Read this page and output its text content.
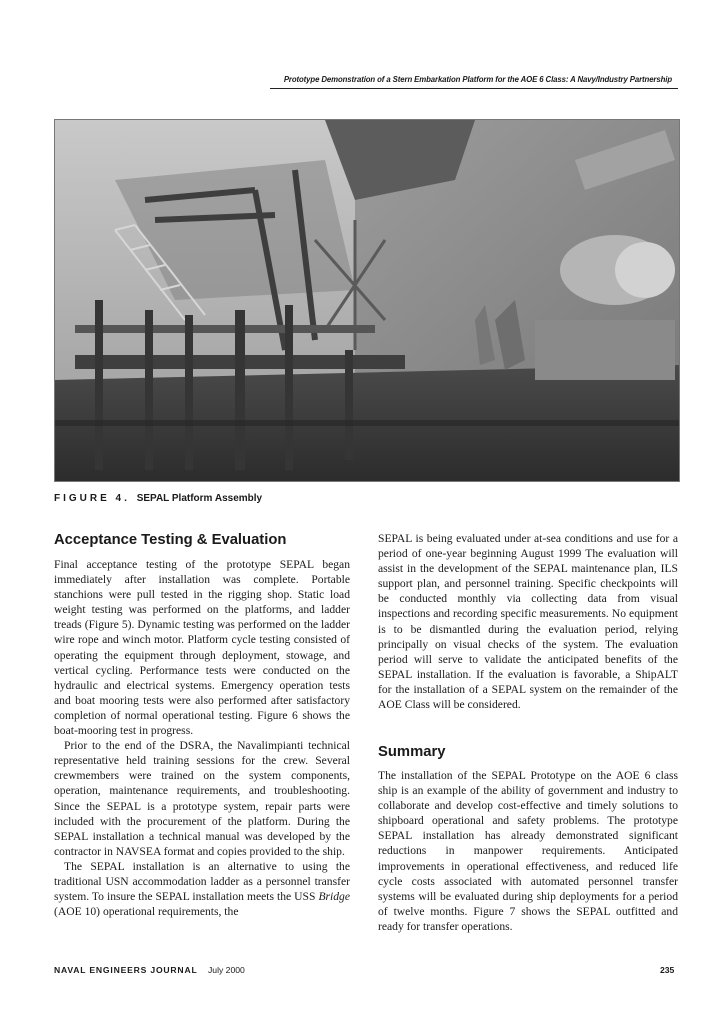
Prototype Demonstration of a Stern Embarkation Platform for the AOE 6 Class: A Navy/Industry Partnership
FIGURE 4. SEPAL Platform Assembly
Acceptance Testing & Evaluation

Final acceptance testing of the prototype SEPAL began immediately after installation was complete. Portable stanchions were pull tested in the rigging shop. Static load weight testing was performed on the platforms, and ladder treads (Figure 5). Dynamic testing was performed on the ladder wire rope and winch motor. Platform cycle testing consisted of operating the equipment through deployment, stowage, and vertical cycling. Performance tests were conducted on the hydraulic and electrical systems. Emergency operation tests and boat mooring tests were also performed after satisfactory completion of normal operational testing. Figure 6 shows the boat-mooring test in progress.

Prior to the end of the DSRA, the Navalimpianti technical representative held training sessions for the crew. Several crewmembers were trained on the system components, operation, maintenance requirements, and troubleshooting. Since the SEPAL is a prototype system, repair parts were included with the procurement of the platform. During the SEPAL installation a technical manual was developed by the contractor in NAVSEA format and copies provided to the ship.

The SEPAL installation is an alternative to using the traditional USN accommodation ladder as a personnel transfer system. To insure the SEPAL installation meets the USS Bridge (AOE 10) operational requirements, the

SEPAL is being evaluated under at-sea conditions and use for a period of one-year beginning August 1999 The evaluation will assist in the development of the SEPAL maintenance plan, ILS support plan, and personnel training. Specific checkpoints will be conducted monthly via collecting data from visual inspections and recording specific measurements. No equipment is to be dismantled during the evaluation period, relying principally on visual checks of the system. The evaluation period will serve to validate the anticipated benefits of the SEPAL installation. If the evaluation is favorable, a ShipALT for the installation of a SEPAL system on the remainder of the AOE Class will be considered.

Summary

The installation of the SEPAL Prototype on the AOE 6 class ship is an example of the ability of government and industry to collaborate and develop cost-effective and timely solutions to shipboard operational and safety problems. The prototype SEPAL installation has already demonstrated significant reductions in manpower requirements. Anticipated improvements in operational effectiveness, and reduced life cycle costs associated with automated personnel transfer systems will be evaluated during ship deployments for a period of twelve months. Figure 7 shows the SEPAL outfitted and ready for transfer operations.

NAVAL ENGINEERS JOURNAL July 2000	235
